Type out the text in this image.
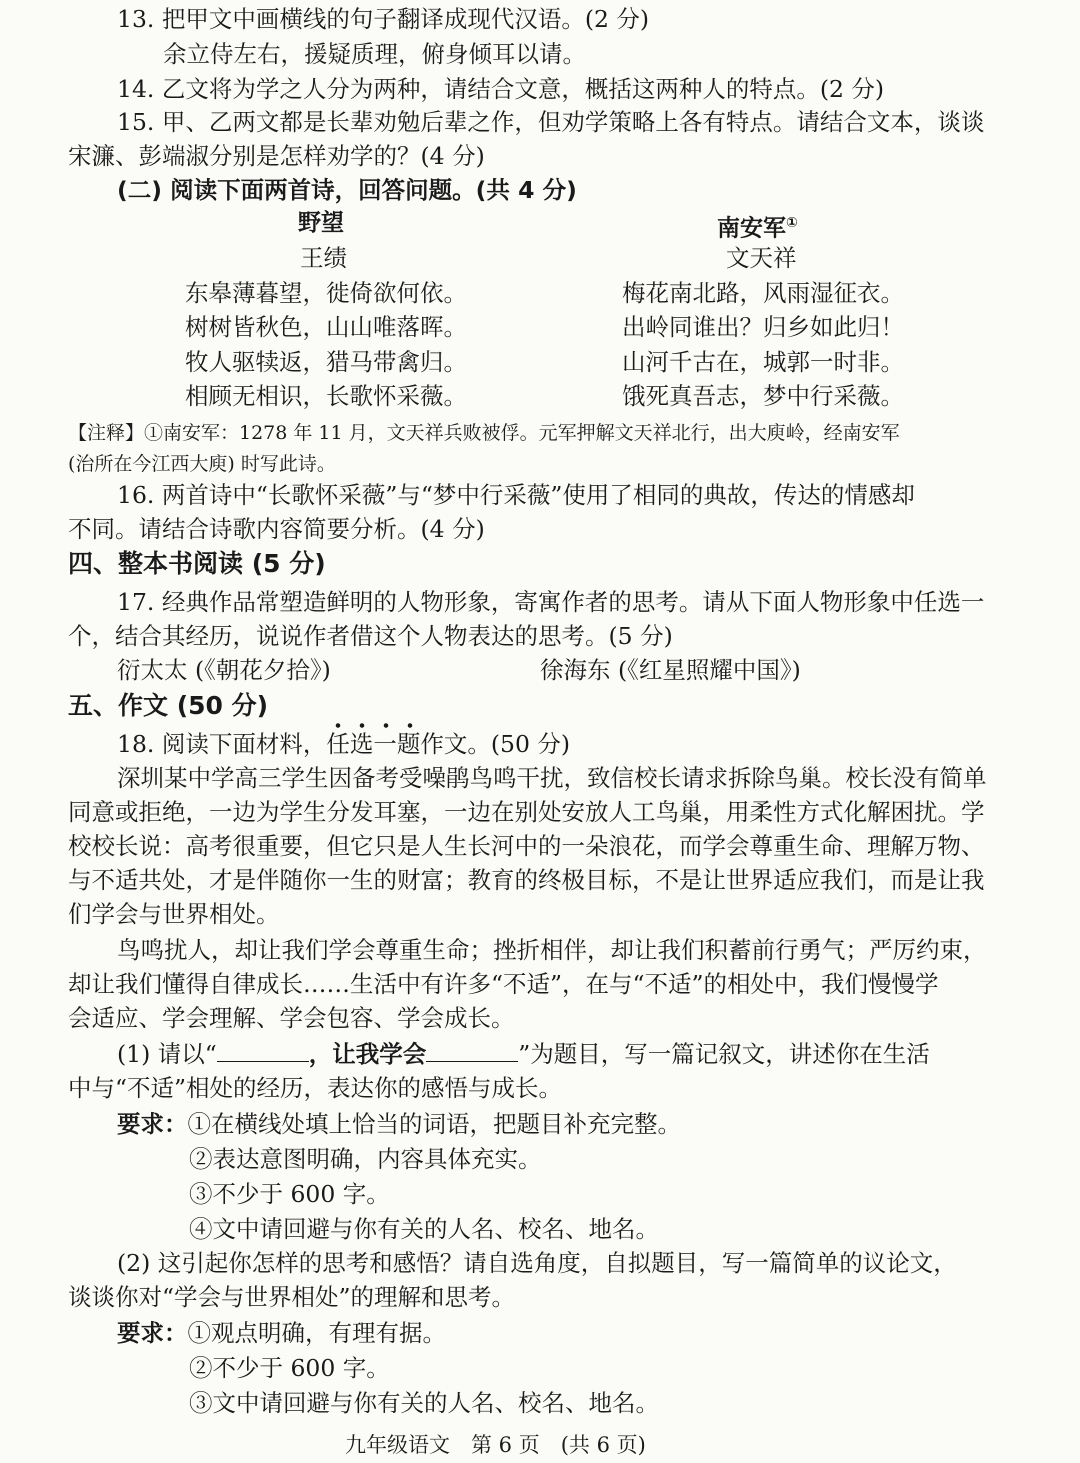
13. 把甲文中画横线的句子翻译成现代汉语。(2 分)
余立侍左右，援疑质理，俯身倾耳以请。
14. 乙文将为学之人分为两种，请结合文意，概括这两种人的特点。(2 分)
15. 甲、乙两文都是长辈劝勉后辈之作，但劝学策略上各有特点。请结合文本，谈谈
宋濂、彭端淑分别是怎样劝学的？(4 分)
(二) 阅读下面两首诗，回答问题。(共 4 分)
野望
王绩
东皋薄暮望，徙倚欲何依。
树树皆秋色，山山唯落晖。
牧人驱犊返，猎马带禽归。
相顾无相识，长歌怀采薇。
南安军①
文天祥
梅花南北路，风雨湿征衣。
出岭同谁出？归乡如此归！
山河千古在，城郭一时非。
饿死真吾志，梦中行采薇。
【注释】①南安军：1278 年 11 月，文天祥兵败被俘。元军押解文天祥北行，出大庾岭，经南安军
(治所在今江西大庾) 时写此诗。
16. 两首诗中“长歌怀采薇”与“梦中行采薇”使用了相同的典故，传达的情感却
不同。请结合诗歌内容简要分析。(4 分)
四、整本书阅读 (5 分)
17. 经典作品常塑造鲜明的人物形象，寄寓作者的思考。请从下面人物形象中任选一
个，结合其经历，说说作者借这个人物表达的思考。(5 分)
衍太太 (《朝花夕拾》)	徐海东 (《红星照耀中国》)
五、作文 (50 分)
18. 阅读下面材料，任选一题作文。(50 分)
深圳某中学高三学生因备考受噪鹃鸟鸣干扰，致信校长请求拆除鸟巢。校长没有简单
同意或拒绝，一边为学生分发耳塞，一边在别处安放人工鸟巢，用柔性方式化解困扰。学
校校长说：高考很重要，但它只是人生长河中的一朵浪花，而学会尊重生命、理解万物、
与不适共处，才是伴随你一生的财富；教育的终极目标，不是让世界适应我们，而是让我
们学会与世界相处。
鸟鸣扰人，却让我们学会尊重生命；挫折相伴，却让我们积蓄前行勇气；严厉约束，
却让我们懂得自律成长……生活中有许多“不适”，在与“不适”的相处中，我们慢慢学
会适应、学会理解、学会包容、学会成长。
(1) 请以“	，让我学会	”为题目，写一篇记叙文，讲述你在生活
中与“不适”相处的经历，表达你的感悟与成长。
要求：①在横线处填上恰当的词语，把题目补充完整。
②表达意图明确，内容具体充实。
③不少于 600 字。
④文中请回避与你有关的人名、校名、地名。
(2) 这引起你怎样的思考和感悟？请自选角度，自拟题目，写一篇简单的议论文，
谈谈你对“学会与世界相处”的理解和思考。
要求：①观点明确，有理有据。
②不少于 600 字。
③文中请回避与你有关的人名、校名、地名。
九年级语文　第 6 页　(共 6 页)
